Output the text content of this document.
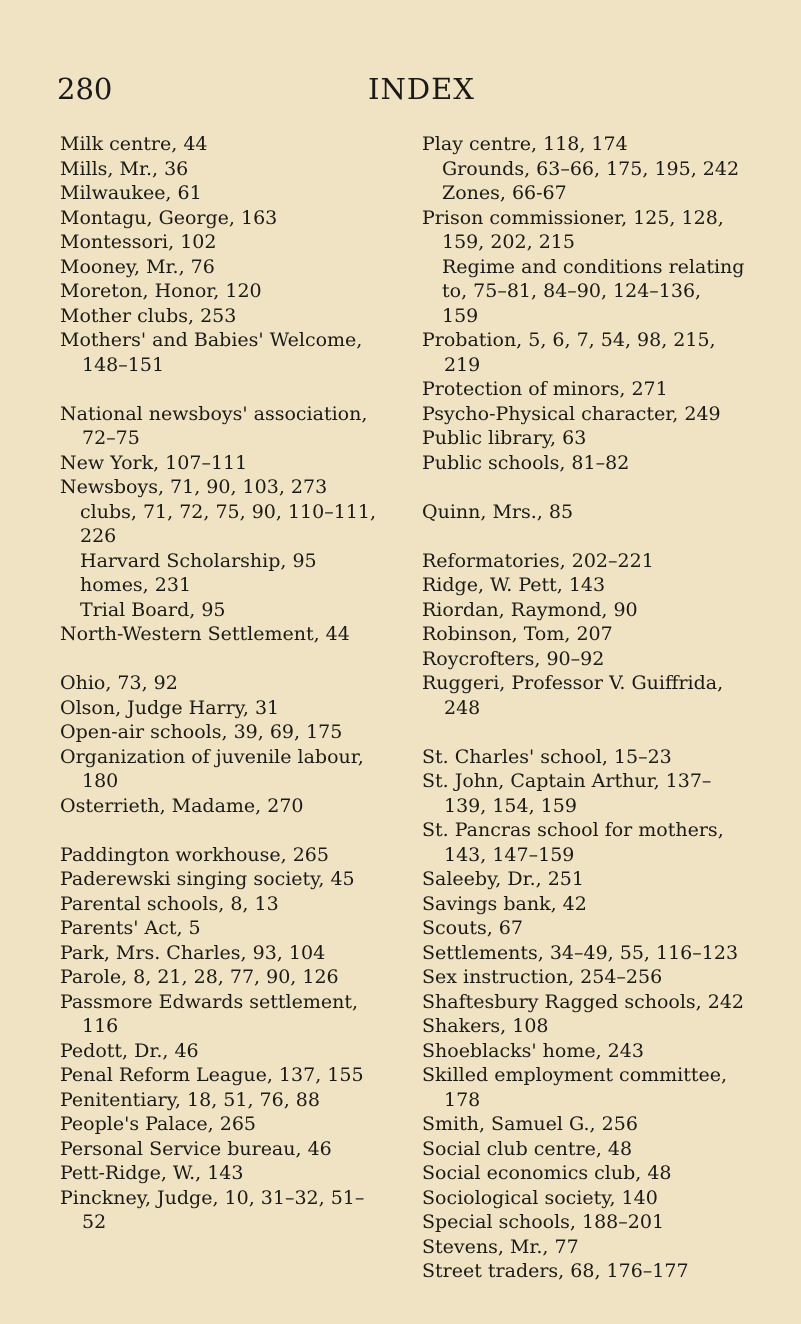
280	INDEX
Milk centre, 44
Mills, Mr., 36
Milwaukee, 61
Montagu, George, 163
Montessori, 102
Mooney, Mr., 76
Moreton, Honor, 120
Mother clubs, 253
Mothers' and Babies' Welcome,
148–151
National newsboys' association,
72–75
New York, 107–111
Newsboys, 71, 90, 103, 273
clubs, 71, 72, 75, 90, 110–111,
226
Harvard Scholarship, 95
homes, 231
Trial Board, 95
North-Western Settlement, 44
Ohio, 73, 92
Olson, Judge Harry, 31
Open-air schools, 39, 69, 175
Organization of juvenile labour,
180
Osterrieth, Madame, 270
Paddington workhouse, 265
Paderewski singing society, 45
Parental schools, 8, 13
Parents' Act, 5
Park, Mrs. Charles, 93, 104
Parole, 8, 21, 28, 77, 90, 126
Passmore Edwards settlement,
116
Pedott, Dr., 46
Penal Reform League, 137, 155
Penitentiary, 18, 51, 76, 88
People's Palace, 265
Personal Service bureau, 46
Pett-Ridge, W., 143
Pinckney, Judge, 10, 31–32, 51–
52
Play centre, 118, 174
Grounds, 63–66, 175, 195, 242
Zones, 66-67
Prison commissioner, 125, 128,
159, 202, 215
Regime and conditions relating
to, 75–81, 84–90, 124–136,
159
Probation, 5, 6, 7, 54, 98, 215,
219
Protection of minors, 271
Psycho-Physical character, 249
Public library, 63
Public schools, 81–82
Quinn, Mrs., 85
Reformatories, 202–221
Ridge, W. Pett, 143
Riordan, Raymond, 90
Robinson, Tom, 207
Roycrofters, 90–92
Ruggeri, Professor V. Guiffrida,
248
St. Charles' school, 15–23
St. John, Captain Arthur, 137–
139, 154, 159
St. Pancras school for mothers,
143, 147–159
Saleeby, Dr., 251
Savings bank, 42
Scouts, 67
Settlements, 34–49, 55, 116–123
Sex instruction, 254–256
Shaftesbury Ragged schools, 242
Shakers, 108
Shoeblacks' home, 243
Skilled employment committee,
178
Smith, Samuel G., 256
Social club centre, 48
Social economics club, 48
Sociological society, 140
Special schools, 188–201
Stevens, Mr., 77
Street traders, 68, 176–177
